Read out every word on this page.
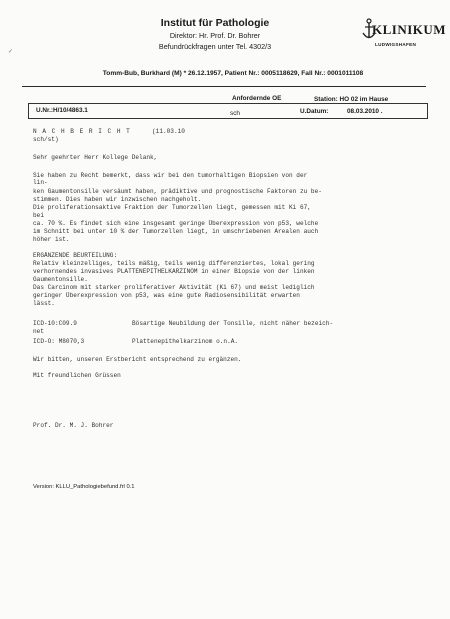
✓
Institut für Pathologie
Direktor: Hr. Prof. Dr. Bohrer
Befundrückfragen unter Tel. 4302/3
KLINIKUM
LUDWIGSHAFEN
Tomm-Bub, Burkhard (M) * 26.12.1957, Patient Nr.: 0005118629, Fall Nr.: 0001011108
Anfordernde OE	Station: HO 02 im Hause
U.Nr.:H/10/4863.1	sch	U.Datum:	08.03.2010 .
N A C H B E R I C H T	(11.03.10
sch/st)
Sehr geehrter Herr Kollege Delank,
Sie haben zu Recht bemerkt, dass wir bei den tumorhaltigen Biopsien von der
lin-
ken Gaumentonsille versäumt haben, prädiktive und prognostische Faktoren zu be-
stimmen. Dies haben wir inzwischen nachgeholt.
Die proliferationsaktive Fraktion der Tumorzellen liegt, gemessen mit Ki 67,
bei
ca. 70 %. Es findet sich eine insgesamt geringe Überexpression von p53, welche
im Schnitt bei unter 10 % der Tumorzellen liegt, in umschriebenen Arealen auch
höher ist.
ERGÄNZENDE BEURTEILUNG:
Relativ kleinzelliges, teils mäßig, teils wenig differenziertes, lokal gering
verhornendes invasives PLATTENEPITHELKARZINOM in einer Biopsie von der linken
Gaumentonsille.
Das Carcinom mit starker proliferativer Aktivität (Ki 67) und meist lediglich
geringer Überexpression von p53, was eine gute Radiosensibilität erwarten
lässt.
ICD-10:C09.9	Bösartige Neubildung der Tonsille, nicht näher bezeich-
net
ICD-O: M8070,3	Plattenepithelkarzinom o.n.A.
Wir bitten, unseren Erstbericht entsprechend zu ergänzen.
Mit freundlichen Grüssen
Prof. Dr. M. J. Bohrer
Version: KLLU_Pathologiebefund.frl 0.1
